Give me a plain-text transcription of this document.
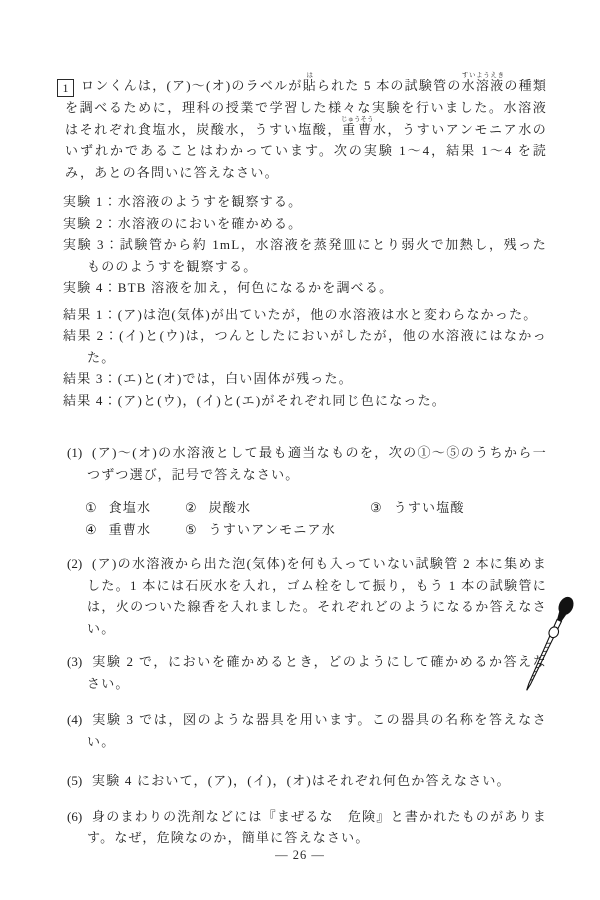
1 ロンくんは，(ア)～(オ)のラベルが貼はられた 5 本の試験管の水溶液すいようえきの種類を調べるために，理科の授業で学習した様々な実験を行いました。水溶液はそれぞれ食塩水，炭酸水，うすい塩酸，重曹じゅうそう水，うすいアンモニア水のいずれかであることはわかっています。次の実験 1～4，結果 1～4 を読み，あとの各問いに答えなさい。
実験 1：水溶液のようすを観察する。
実験 2：水溶液のにおいを確かめる。
実験 3：試験管から約 1mL，水溶液を蒸発皿にとり弱火で加熱し，残ったもののようすを観察する。
実験 4：BTB 溶液を加え，何色になるかを調べる。
結果 1：(ア)は泡(気体)が出ていたが，他の水溶液は水と変わらなかった。
結果 2：(イ)と(ウ)は，つんとしたにおいがしたが，他の水溶液にはなかった。
結果 3：(エ)と(オ)では，白い固体が残った。
結果 4：(ア)と(ウ)，(イ)と(エ)がそれぞれ同じ色になった。
(1) (ア)～(オ)の水溶液として最も適当なものを，次の①～⑤のうちから一つずつ選び，記号で答えなさい。
① 食塩水	② 炭酸水	③ うすい塩酸
④ 重曹水	⑤ うすいアンモニア水
(2) (ア)の水溶液から出た泡(気体)を何も入っていない試験管 2 本に集めました。1 本には石灰水を入れ，ゴム栓をして振り，もう 1 本の試験管には，火のついた線香を入れました。それぞれどのようになるか答えなさい。
(3) 実験 2 で，においを確かめるとき，どのようにして確かめるか答えなさい。
(4) 実験 3 では，図のような器具を用います。この器具の名称を答えなさい。
(5) 実験 4 において，(ア)，(イ)，(オ)はそれぞれ何色か答えなさい。
(6) 身のまわりの洗剤などには『まぜるな　危険』と書かれたものがあります。なぜ，危険なのか，簡単に答えなさい。
— 26 —
